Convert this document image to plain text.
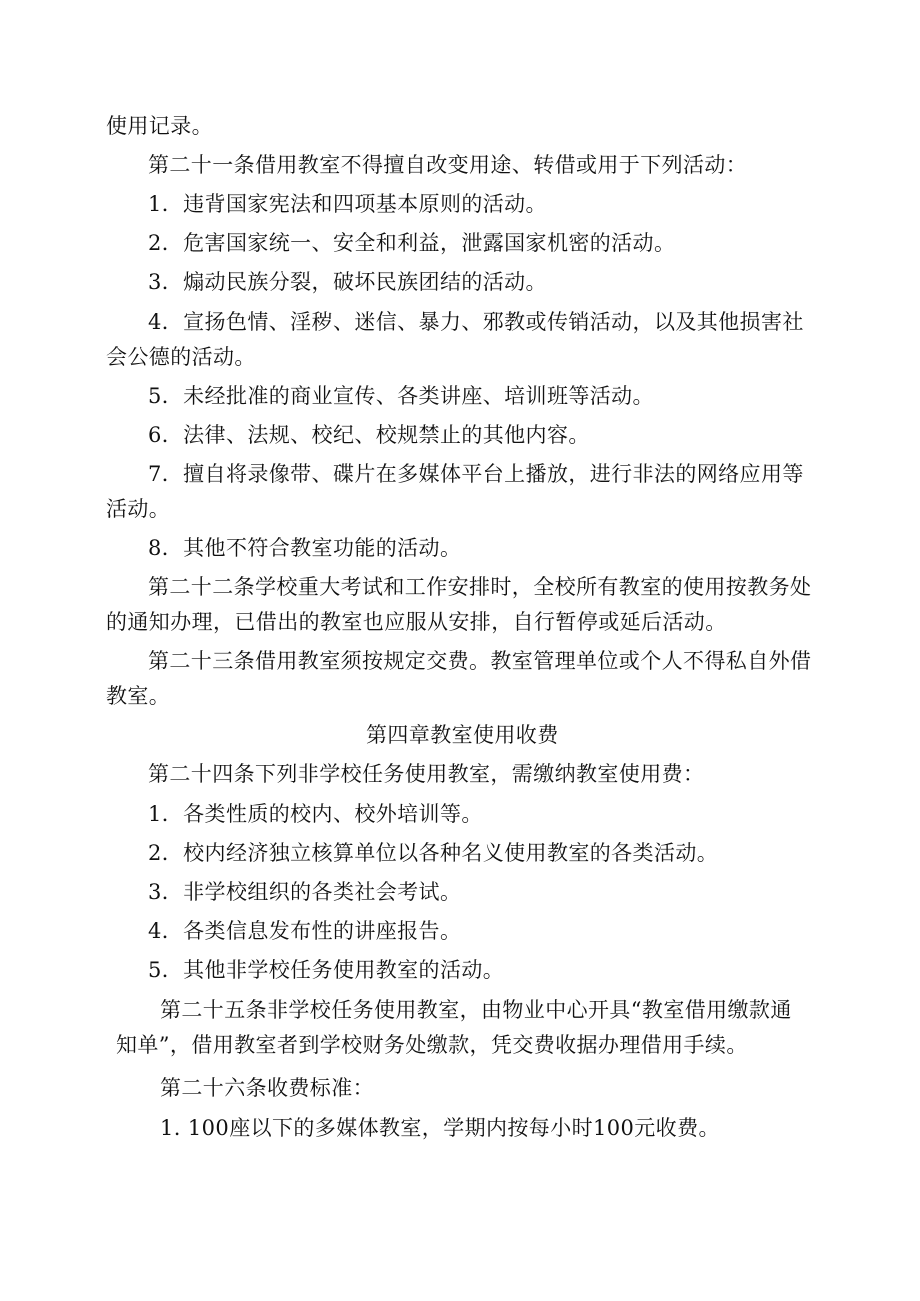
使用记录。
第二十一条借用教室不得擅自改变用途、转借或用于下列活动：
1．违背国家宪法和四项基本原则的活动。
2．危害国家统一、安全和利益，泄露国家机密的活动。
3．煽动民族分裂，破坏民族团结的活动。
4．宣扬色情、淫秽、迷信、暴力、邪教或传销活动，以及其他损害社
会公德的活动。
5．未经批准的商业宣传、各类讲座、培训班等活动。
6．法律、法规、校纪、校规禁止的其他内容。
7．擅自将录像带、碟片在多媒体平台上播放，进行非法的网络应用等
活动。
8．其他不符合教室功能的活动。
第二十二条学校重大考试和工作安排时，全校所有教室的使用按教务处
的通知办理，已借出的教室也应服从安排，自行暂停或延后活动。
第二十三条借用教室须按规定交费。教室管理单位或个人不得私自外借
教室。
第四章教室使用收费
第二十四条下列非学校任务使用教室，需缴纳教室使用费：
1．各类性质的校内、校外培训等。
2．校内经济独立核算单位以各种名义使用教室的各类活动。
3．非学校组织的各类社会考试。
4．各类信息发布性的讲座报告。
5．其他非学校任务使用教室的活动。
第二十五条非学校任务使用教室，由物业中心开具“教室借用缴款通
知单”，借用教室者到学校财务处缴款，凭交费收据办理借用手续。
第二十六条收费标准：
1. 100座以下的多媒体教室，学期内按每小时100元收费。
